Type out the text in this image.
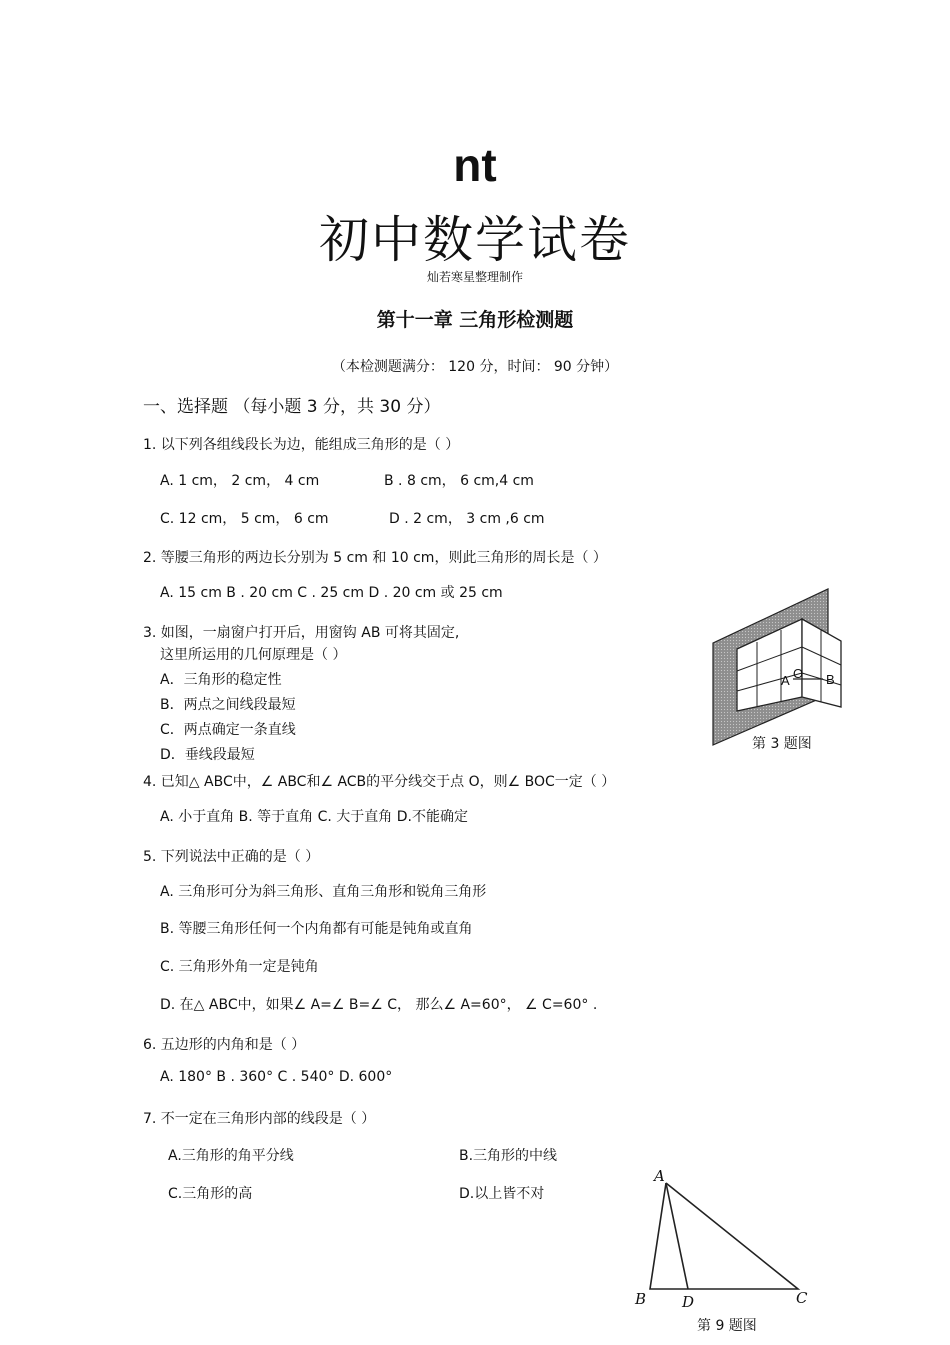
nt
初中数学试卷
灿若寒星整理制作
第十一章 三角形检测题
（本检测题满分： 120 分，时间： 90 分钟）
一、选择题 （每小题 3 分，共 30 分）
1. 以下列各组线段长为边，能组成三角形的是（ ）
A. 1 cm， 2 cm， 4 cm	B . 8 cm， 6 cm,4 cm
C. 12 cm， 5 cm， 6 cm	D . 2 cm， 3 cm ,6 cm
2. 等腰三角形的两边长分别为 5 cm 和 10 cm，则此三角形的周长是（ ）
A. 15 cm B . 20 cm C . 25 cm D . 20 cm 或 25 cm
3. 如图，一扇窗户打开后，用窗钩 AB 可将其固定,
这里所运用的几何原理是（ ）
A．三角形的稳定性
B．两点之间线段最短
C．两点确定一条直线
D．垂线段最短
A O B
第 3 题图
4. 已知△ ABC中，∠ ABC和∠ ACB的平分线交于点 O，则∠ BOC一定（ ）
A. 小于直角 B. 等于直角 C. 大于直角 D.不能确定
5. 下列说法中正确的是（ ）
A. 三角形可分为斜三角形、直角三角形和锐角三角形
B. 等腰三角形任何一个内角都有可能是钝角或直角
C. 三角形外角一定是钝角
D. 在△ ABC中，如果∠ A=∠ B=∠ C， 那么∠ A=60°， ∠ C=60° .
6. 五边形的内角和是（ ）
A. 180° B . 360° C . 540° D. 600°
7. 不一定在三角形内部的线段是（ ）
A.三角形的角平分线	B.三角形的中线
C.三角形的高	D.以上皆不对
A
B D	C
第 9 题图
